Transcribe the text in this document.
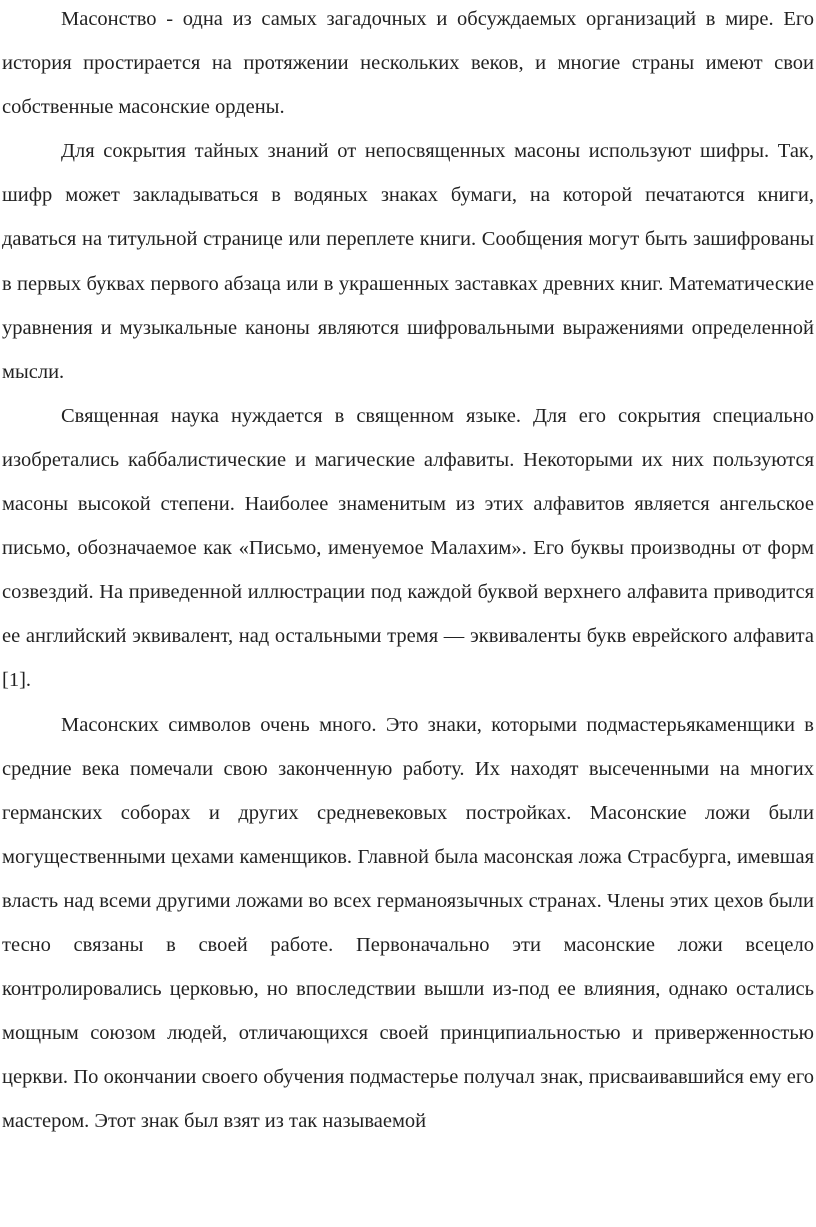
Масонство - одна из самых загадочных и обсуждаемых организаций в мире. Его история простирается на протяжении нескольких веков, и многие страны имеют свои собственные масонские ордены.

Для сокрытия тайных знаний от непосвященных масоны используют шифры. Так, шифр может закладываться в водяных знаках бумаги, на которой печатаются книги, даваться на титульной странице или переплете книги. Сообщения могут быть зашифрованы в первых буквах первого абзаца или в украшенных заставках древних книг. Математические уравнения и музыкальные каноны являются шифровальными выражениями определенной мысли.

Священная наука нуждается в священном языке. Для его сокрытия специально изобретались каббалистические и магические алфавиты. Некоторыми их них пользуются масоны высокой степени. Наиболее знаменитым из этих алфавитов является ангельское письмо, обозначаемое как «Письмо, именуемое Малахим». Его буквы производны от форм созвездий. На приведенной иллюстрации под каждой буквой верхнего алфавита приводится ее английский эквивалент, над остальными тремя — эквиваленты букв еврейского алфавита [1].

Масонских символов очень много. Это знаки, которыми подмастерьякаменщики в средние века помечали свою законченную работу. Их находят высеченными на многих германских соборах и других средневековых постройках. Масонские ложи были могущественными цехами каменщиков. Главной была масонская ложа Страсбурга, имевшая власть над всеми другими ложами во всех германоязычных странах. Члены этих цехов были тесно связаны в своей работе. Первоначально эти масонские ложи всецело контролировались церковью, но впоследствии вышли из-под ее влияния, однако остались мощным союзом людей, отличающихся своей принципиальностью и приверженностью церкви. По окончании своего обучения подмастерье получал знак, присваивавшийся ему его мастером. Этот знак был взят из так называемой
